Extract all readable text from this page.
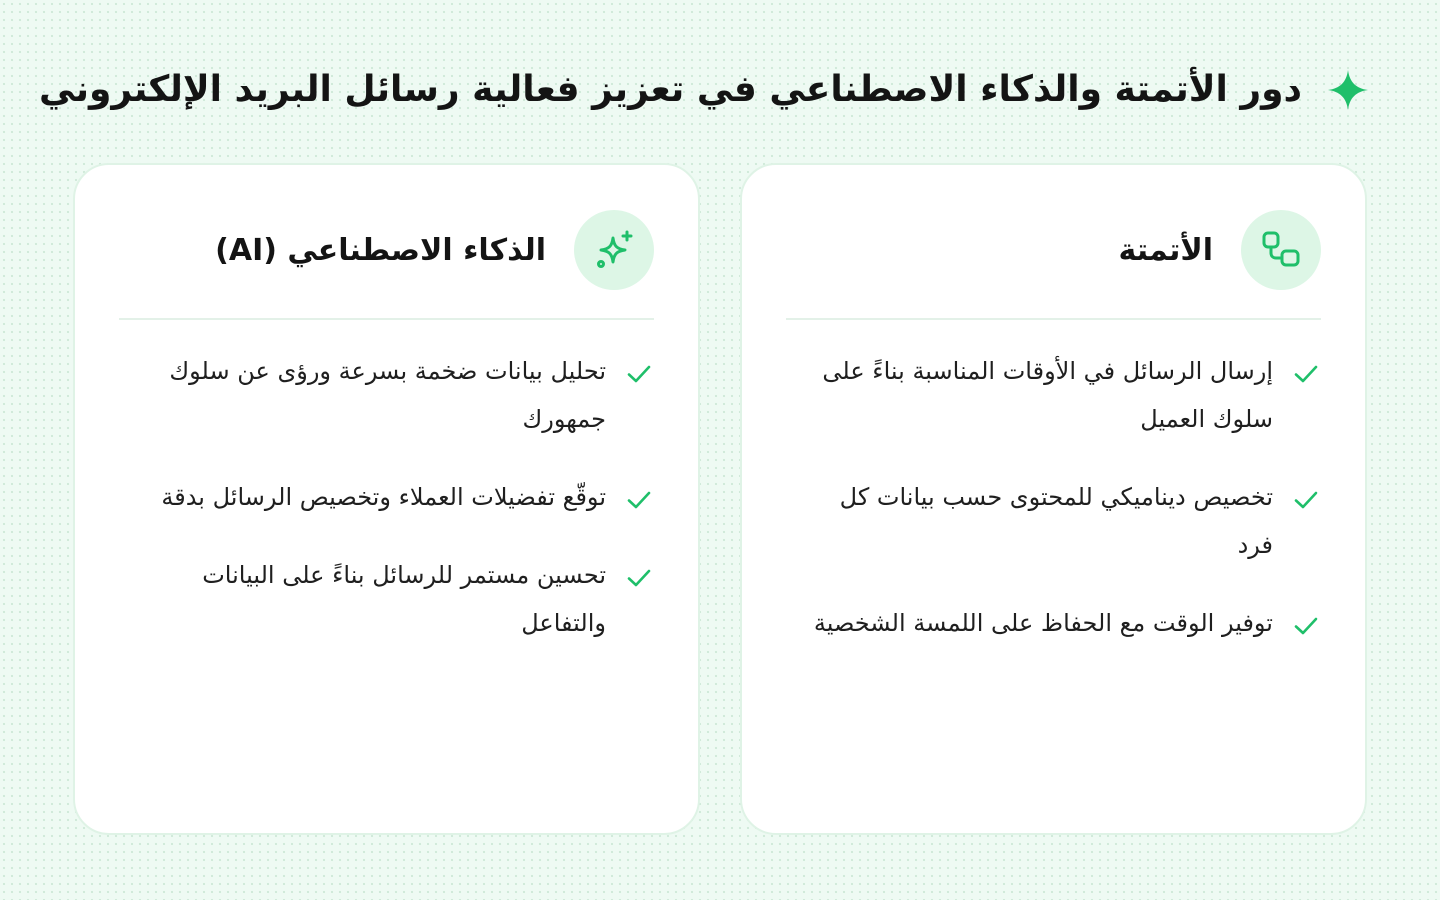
دور الأتمتة والذكاء الاصطناعي في تعزيز فعالية رسائل البريد الإلكتروني
الأتمتة
إرسال الرسائل في الأوقات المناسبة بناءً على سلوك العميل
تخصيص ديناميكي للمحتوى حسب بيانات كل فرد
توفير الوقت مع الحفاظ على اللمسة الشخصية
الذكاء الاصطناعي (AI)
تحليل بيانات ضخمة بسرعة ورؤى عن سلوك جمهورك
توقّع تفضيلات العملاء وتخصيص الرسائل بدقة
تحسين مستمر للرسائل بناءً على البيانات والتفاعل
